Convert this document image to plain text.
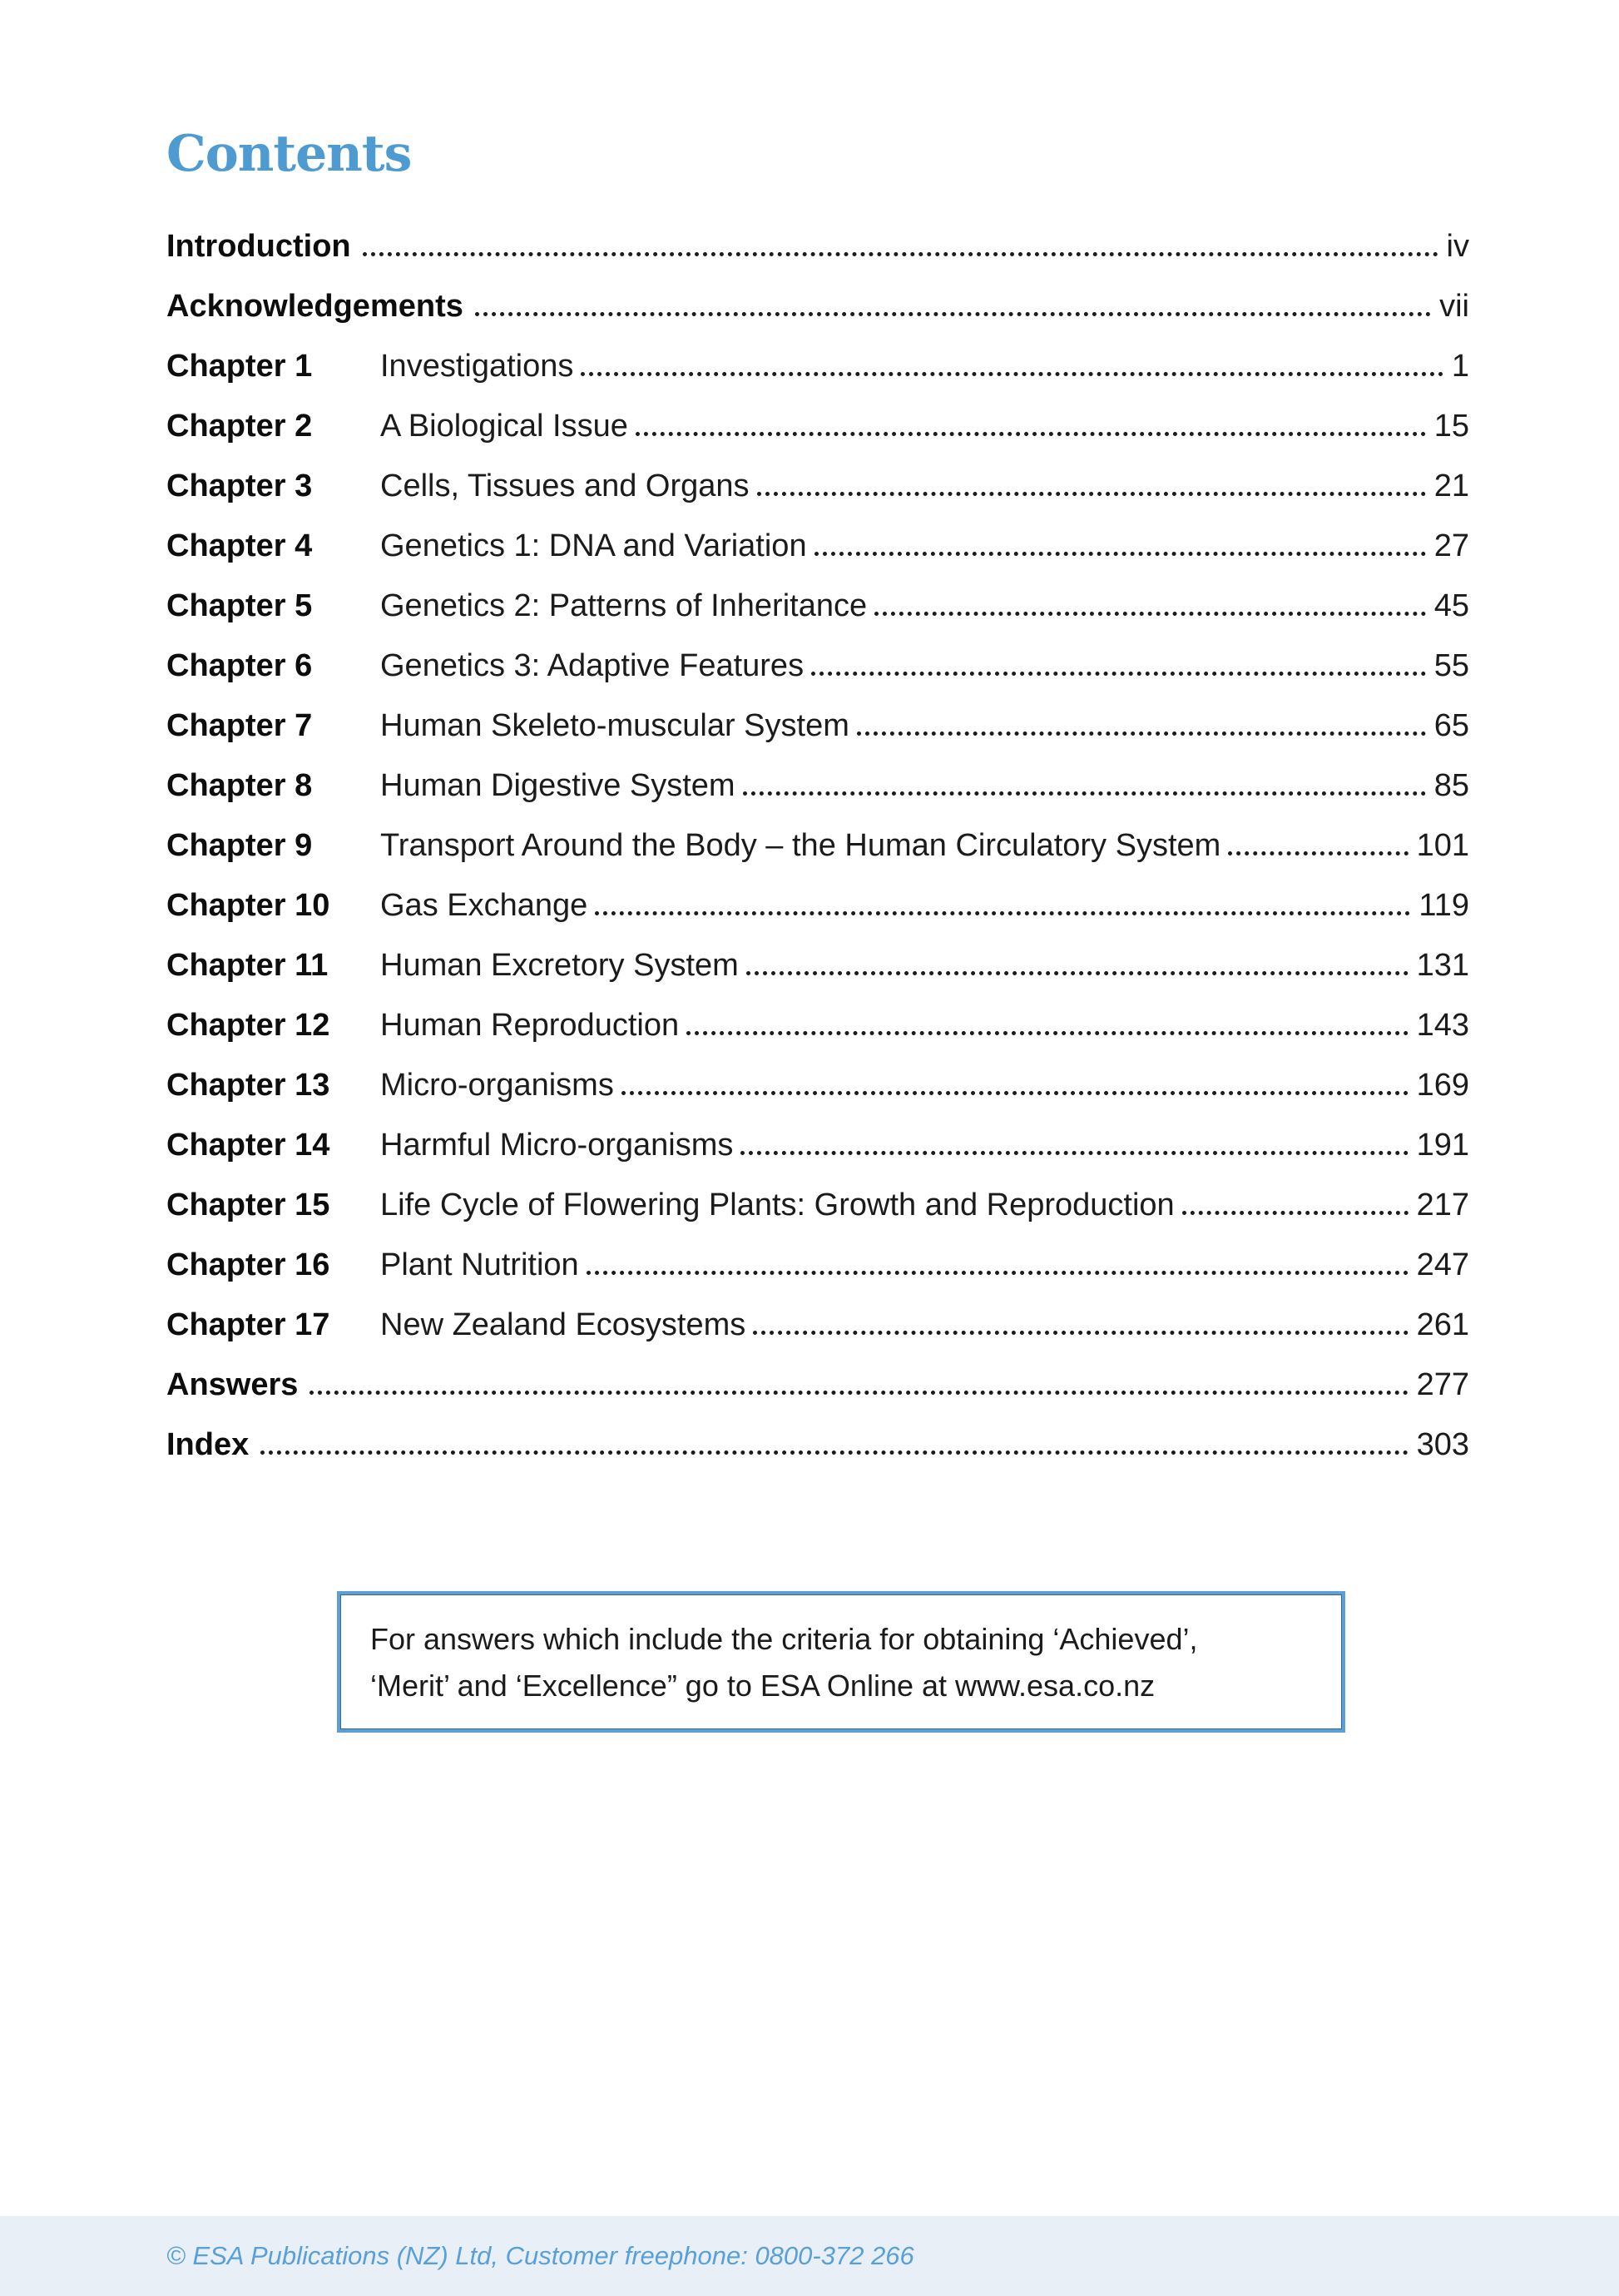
Contents
Introduction	iv
Acknowledgements	vii
Chapter 1	Investigations	1
Chapter 2	A Biological Issue	15
Chapter 3	Cells, Tissues and Organs	21
Chapter 4	Genetics 1: DNA and Variation	27
Chapter 5	Genetics 2: Patterns of Inheritance	45
Chapter 6	Genetics 3: Adaptive Features	55
Chapter 7	Human Skeleto-muscular System	65
Chapter 8	Human Digestive System	85
Chapter 9	Transport Around the Body – the Human Circulatory System	101
Chapter 10	Gas Exchange	119
Chapter 11	Human Excretory System	131
Chapter 12	Human Reproduction	143
Chapter 13	Micro-organisms	169
Chapter 14	Harmful Micro-organisms	191
Chapter 15	Life Cycle of Flowering Plants: Growth and Reproduction	217
Chapter 16	Plant Nutrition	247
Chapter 17	New Zealand Ecosystems	261
Answers	277
Index	303
For answers which include the criteria for obtaining ‘Achieved’,
‘Merit’ and ‘Excellence” go to ESA Online at www.esa.co.nz
© ESA Publications (NZ) Ltd, Customer freephone: 0800-372 266
